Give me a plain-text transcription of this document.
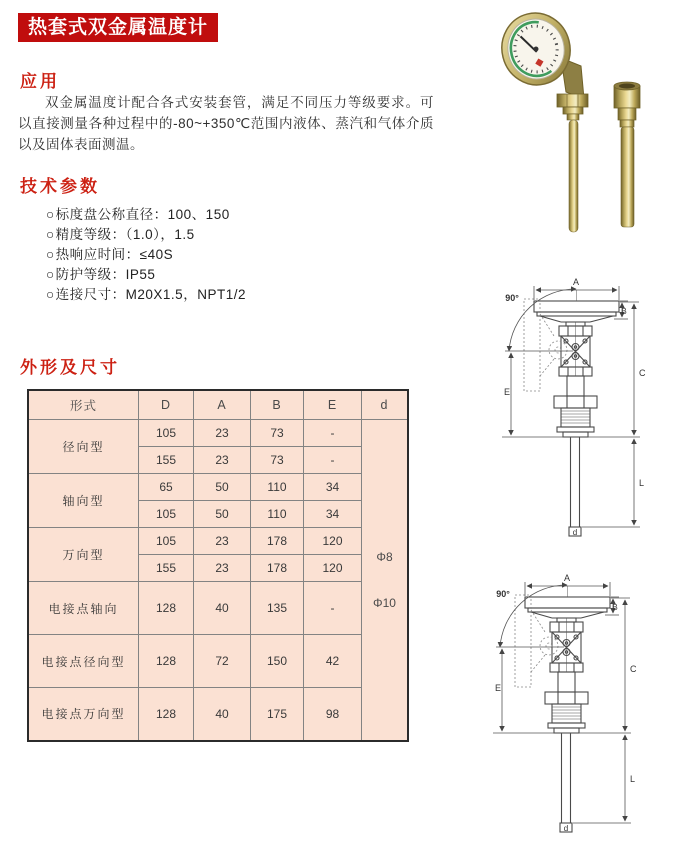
热套式双金属温度计
应用

双金属温度计配合各式安装套管，满足不同压力等级要求。可以直接测量各种过程中的-80~+350℃范围内液体、蒸汽和气体介质以及固体表面测温。

技术参数
○标度盘公称直径：100、150
○精度等级：（1.0），1.5
○热响应时间：≤40S
○防护等级：IP55
○连接尺寸：M20X1.5，NPT1/2
外形及尺寸
形式	D	A	B	E	d
径向型	105	23	73	-	Φ8
Φ10

	155	23	73	-	
轴向型	65	50	110	34	
	105	50	110	34	
万向型	105	23	178	120	
	155	23	178	120	
电接点轴向	128	40	135	-	
电接点径向型	128	72	150	42	
电接点万向型	128	40	175	98	
90°
A
B
C
E
L
d
90°
A
B
C
E
L
d
